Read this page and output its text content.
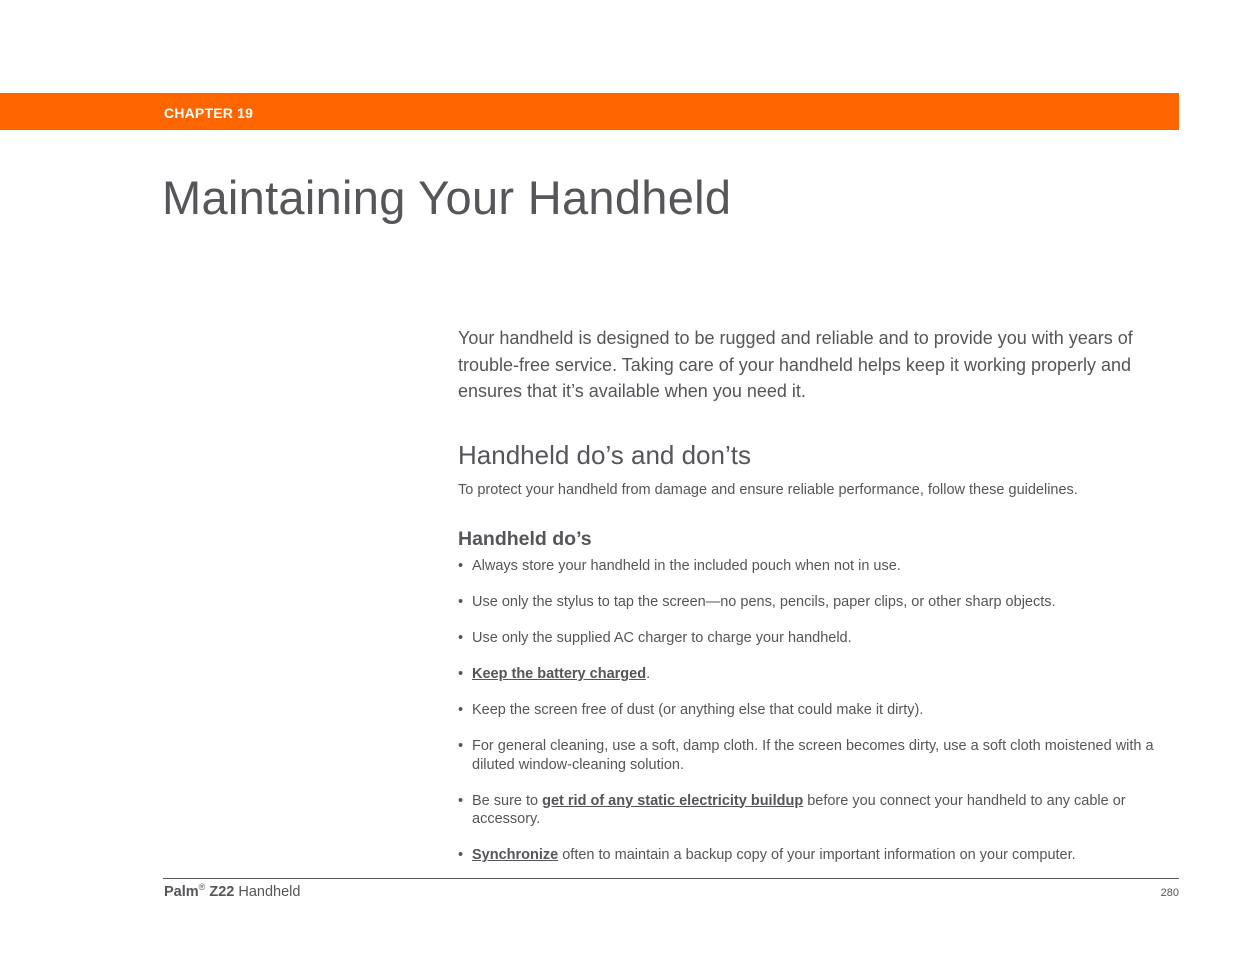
CHAPTER 19
Maintaining Your Handheld

Your handheld is designed to be rugged and reliable and to provide you with years of trouble-free service. Taking care of your handheld helps keep it working properly and ensures that it’s available when you need it.

Handheld do’s and don’ts

To protect your handheld from damage and ensure reliable performance, follow these guidelines.

Handheld do’s
• Always store your handheld in the included pouch when not in use.
• Use only the stylus to tap the screen—no pens, pencils, paper clips, or other sharp objects.
• Use only the supplied AC charger to charge your handheld.
• Keep the battery charged.
• Keep the screen free of dust (or anything else that could make it dirty).
• For general cleaning, use a soft, damp cloth. If the screen becomes dirty, use a soft cloth moistened with a diluted window-cleaning solution.
• Be sure to get rid of any static electricity buildup before you connect your handheld to any cable or accessory.
• Synchronize often to maintain a backup copy of your important information on your computer.
Palm® Z22 Handheld	280
